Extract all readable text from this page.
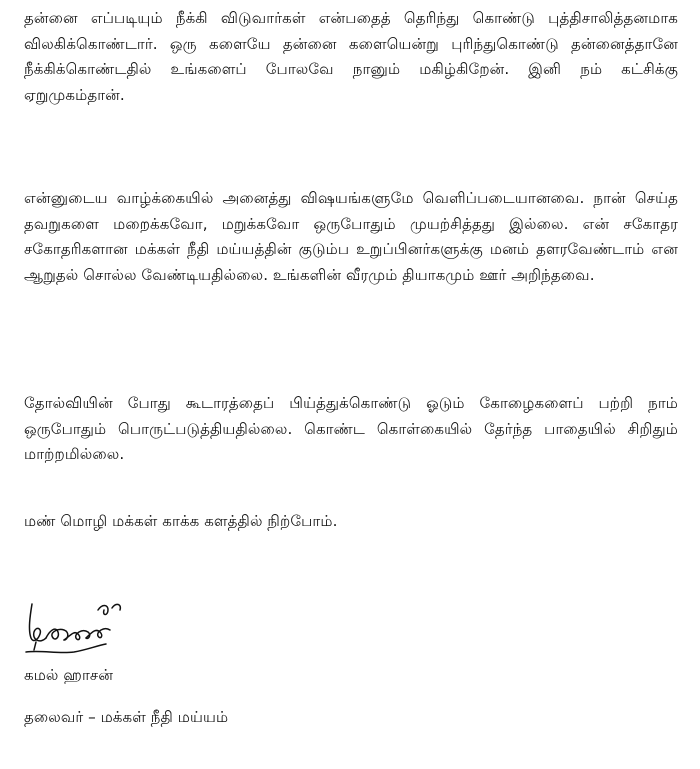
தன்னை எப்படியும் நீக்கி விடுவார்கள் என்பதைத் தெரிந்து கொண்டு புத்திசாலித்தனமாக விலகிக்கொண்டார். ஒரு களையே தன்னை களையென்று புரிந்துகொண்டு தன்னைத்தானே நீக்கிக்கொண்டதில் உங்களைப் போலவே நானும் மகிழ்கிறேன். இனி நம் கட்சிக்கு ஏறுமுகம்தான்.

என்னுடைய வாழ்க்கையில் அனைத்து விஷயங்களுமே வெளிப்படையானவை. நான் செய்த தவறுகளை மறைக்கவோ, மறுக்கவோ ஒருபோதும் முயற்சித்தது இல்லை. என் சகோதர சகோதரிகளான மக்கள் நீதி மய்யத்தின் குடும்ப உறுப்பினர்களுக்கு மனம் தளரவேண்டாம் என ஆறுதல் சொல்ல வேண்டியதில்லை. உங்களின் வீரமும் தியாகமும் ஊர் அறிந்தவை.

தோல்வியின் போது கூடாரத்தைப் பிய்த்துக்கொண்டு ஓடும் கோழைகளைப் பற்றி நாம் ஒருபோதும் பொருட்படுத்தியதில்லை. கொண்ட கொள்கையில் தேர்ந்த பாதையில் சிறிதும் மாற்றமில்லை.

மண் மொழி மக்கள் காக்க களத்தில் நிற்போம்.

கமல் ஹாசன்

தலைவர் – மக்கள் நீதி மய்யம்
